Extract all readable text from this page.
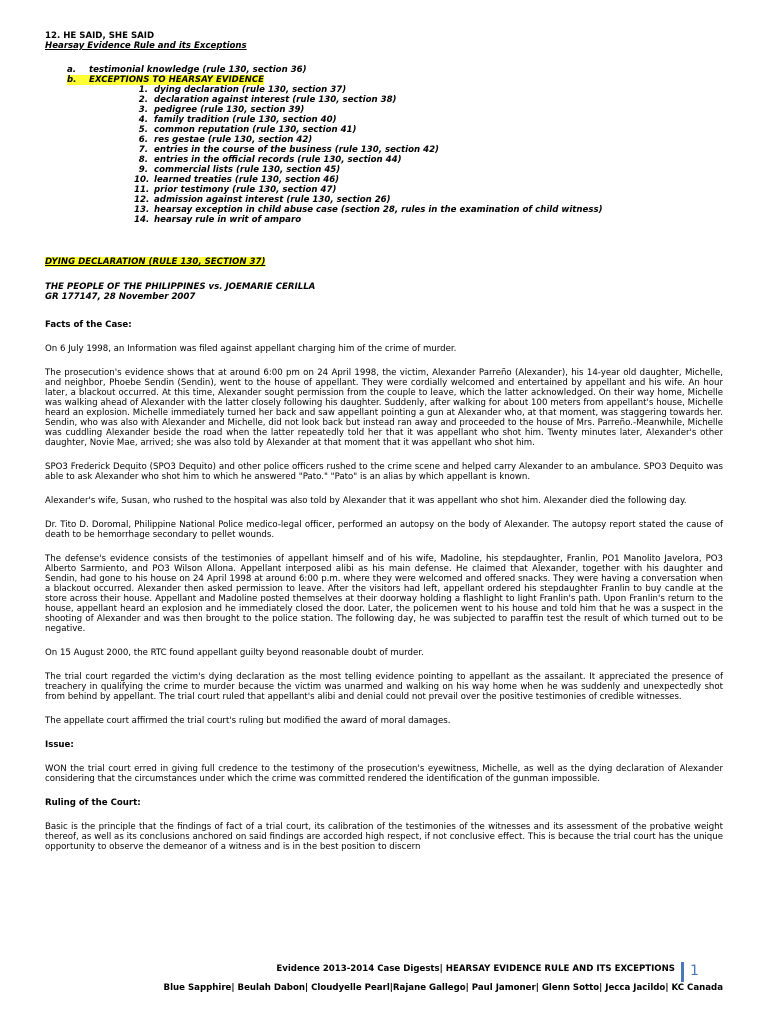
12. HE SAID, SHE SAID
Hearsay Evidence Rule and its Exceptions
a.	testimonial knowledge (rule 130, section 36)
b.	EXCEPTIONS TO HEARSAY EVIDENCE
1. dying declaration (rule 130, section 37)
2. declaration against interest (rule 130, section 38)
3. pedigree (rule 130, section 39)
4. family tradition (rule 130, section 40)
5. common reputation (rule 130, section 41)
6. res gestae (rule 130, section 42)
7. entries in the course of the business (rule 130, section 42)
8. entries in the official records (rule 130, section 44)
9. commercial lists (rule 130, section 45)
10. learned treaties (rule 130, section 46)
11. prior testimony (rule 130, section 47)
12. admission against interest (rule 130, section 26)
13. hearsay exception in child abuse case (section 28, rules in the examination of child witness)
14. hearsay rule in writ of amparo
DYING DECLARATION (RULE 130, SECTION 37)
THE PEOPLE OF THE PHILIPPINES vs. JOEMARIE CERILLA
GR 177147, 28 November 2007
Facts of the Case:

On 6 July 1998, an Information was filed against appellant charging him of the crime of murder.

The prosecution's evidence shows that at around 6:00 pm on 24 April 1998, the victim, Alexander Parreño (Alexander), his 14-year old daughter, Michelle, and neighbor, Phoebe Sendin (Sendin), went to the house of appellant. They were cordially welcomed and entertained by appellant and his wife. An hour later, a blackout occurred. At this time, Alexander sought permission from the couple to leave, which the latter acknowledged. On their way home, Michelle was walking ahead of Alexander with the latter closely following his daughter. Suddenly, after walking for about 100 meters from appellant's house, Michelle heard an explosion. Michelle immediately turned her back and saw appellant pointing a gun at Alexander who, at that moment, was staggering towards her. Sendin, who was also with Alexander and Michelle, did not look back but instead ran away and proceeded to the house of Mrs. Parreño.-Meanwhile, Michelle was cuddling Alexander beside the road when the latter repeatedly told her that it was appellant who shot him. Twenty minutes later, Alexander's other daughter, Novie Mae, arrived; she was also told by Alexander at that moment that it was appellant who shot him.

SPO3 Frederick Dequito (SPO3 Dequito) and other police officers rushed to the crime scene and helped carry Alexander to an ambulance. SPO3 Dequito was able to ask Alexander who shot him to which he answered "Pato." "Pato" is an alias by which appellant is known.

Alexander's wife, Susan, who rushed to the hospital was also told by Alexander that it was appellant who shot him. Alexander died the following day.

Dr. Tito D. Doromal, Philippine National Police medico-legal officer, performed an autopsy on the body of Alexander. The autopsy report stated the cause of death to be hemorrhage secondary to pellet wounds.

The defense's evidence consists of the testimonies of appellant himself and of his wife, Madoline, his stepdaughter, Franlin, PO1 Manolito Javelora, PO3 Alberto Sarmiento, and PO3 Wilson Allona. Appellant interposed alibi as his main defense. He claimed that Alexander, together with his daughter and Sendin, had gone to his house on 24 April 1998 at around 6:00 p.m. where they were welcomed and offered snacks. They were having a conversation when a blackout occurred. Alexander then asked permission to leave. After the visitors had left, appellant ordered his stepdaughter Franlin to buy candle at the store across their house. Appellant and Madoline posted themselves at their doorway holding a flashlight to light Franlin's path. Upon Franlin's return to the house, appellant heard an explosion and he immediately closed the door. Later, the policemen went to his house and told him that he was a suspect in the shooting of Alexander and was then brought to the police station. The following day, he was subjected to paraffin test the result of which turned out to be negative.

On 15 August 2000, the RTC found appellant guilty beyond reasonable doubt of murder.

The trial court regarded the victim's dying declaration as the most telling evidence pointing to appellant as the assailant. It appreciated the presence of treachery in qualifying the crime to murder because the victim was unarmed and walking on his way home when he was suddenly and unexpectedly shot from behind by appellant. The trial court ruled that appellant's alibi and denial could not prevail over the positive testimonies of credible witnesses.

The appellate court affirmed the trial court's ruling but modified the award of moral damages.

Issue:

WON the trial court erred in giving full credence to the testimony of the prosecution's eyewitness, Michelle, as well as the dying declaration of Alexander considering that the circumstances under which the crime was committed rendered the identification of the gunman impossible.

Ruling of the Court:

Basic is the principle that the findings of fact of a trial court, its calibration of the testimonies of the witnesses and its assessment of the probative weight thereof, as well as its conclusions anchored on said findings are accorded high respect, if not conclusive effect. This is because the trial court has the unique opportunity to observe the demeanor of a witness and is in the best position to discern

Evidence 2013-2014 Case Digests| HEARSAY EVIDENCE RULE AND ITS EXCEPTIONS 1
Blue Sapphire| Beulah Dabon| Cloudyelle Pearl|Rajane Gallego| Paul Jamoner| Glenn Sotto| Jecca Jacildo| KC Canada
